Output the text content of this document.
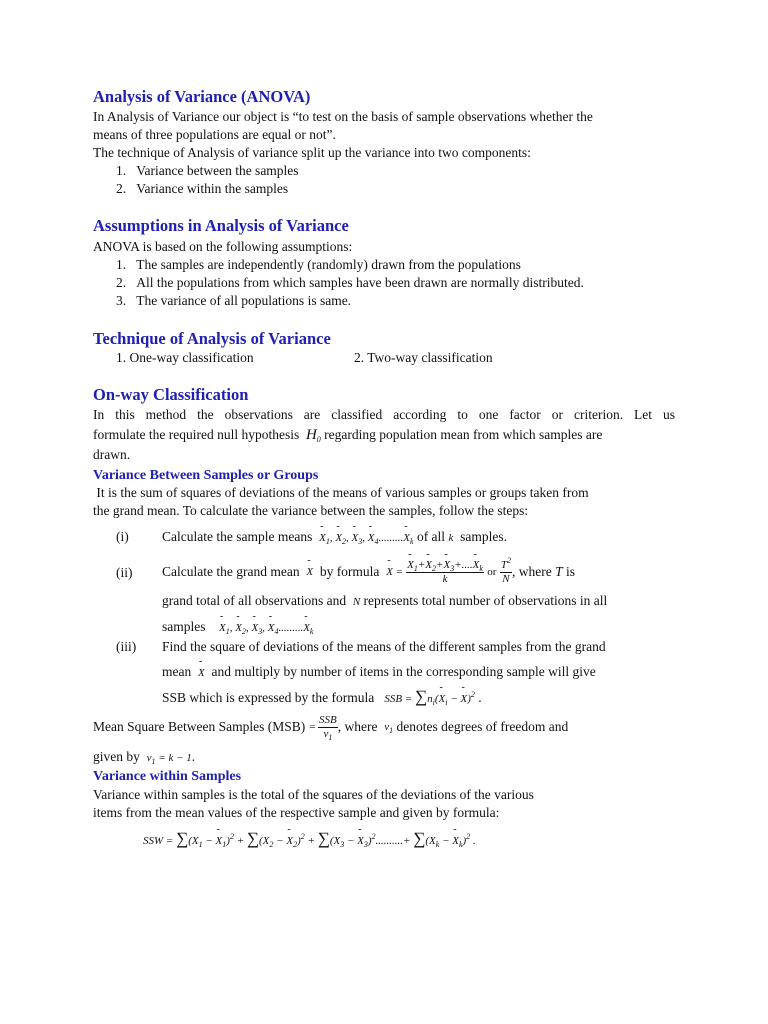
Analysis of Variance (ANOVA)
In Analysis of Variance our object is “to test on the basis of sample observations whether the
means of three populations are equal or not”.
The technique of Analysis of variance split up the variance into two components:
1.   Variance between the samples
2.   Variance within the samples
Assumptions in Analysis of Variance
ANOVA is based on the following assumptions:
1.   The samples are independently (randomly) drawn from the populations
2.   All the populations from which samples have been drawn are normally distributed.
3.   The variance of all populations is same.
Technique of Analysis of Variance
1. One-way classification	2. Two-way classification
On-way Classification
In this method the observations are classified according to one factor or criterion. Let us
formulate the required null hypothesis $H_0$ regarding population mean from which samples are
drawn.
Variance Between Samples or Groups
It is the sum of squares of deviations of the means of various samples or groups taken from
the grand mean. To calculate the variance between the samples, follow the steps:
(i) Calculate the sample means - $X_1$, - $X_2$, - $X_3$, - $X_4.........-$ $X_k$ of all k samples.
(ii) Calculate the grand mean
- X
by formula
- X = - $\frac{X_1+- X_2+- X_3+....- X_k}{k}$
or
$\frac{T^2}{N}$ , where
T
is
grand total of all observations and N represents total number of observations in all
samples - $X_1$, - $X_2$, - $X_3$, - $X_4.........-$ $X_k$
(iii) Find the square of deviations of the means of the different samples from the grand
mean - X and multiply by number of items in the corresponding sample will give
SSB which is expressed by the formula SSB = $\sum n_i(-$ $X_i$ − - X)$^2$ .
Mean Square Between Samples (MSB)
= $\frac{\text{SSB}}{\nu_1}$ , where
$\nu_1$
denotes degrees of freedom and
given by $\nu_1 = k - 1$.
Variance within Samples
Variance within samples is the total of the squares of the deviations of the various
items from the mean values of the respective sample and given by formula:
SSW = $\sum(X_1$ − - $X_1)^2 + \sum(X_2$ − - $X_2)^2 + \sum(X_3$ − - $X_3)^2..........+ \sum(X_k$ − - $X_k)^2$ .
